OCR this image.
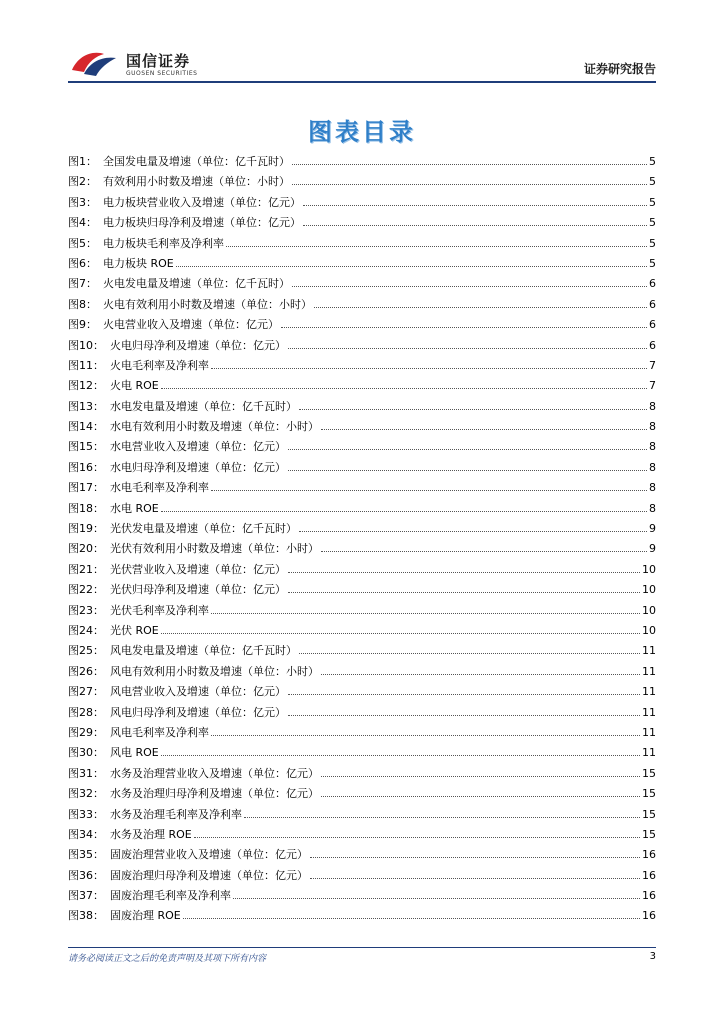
国信证券
GUOSEN SECURITIES	证券研究报告
图表目录
图1： 全国发电量及增速（单位：亿千瓦时）	5
图2： 有效利用小时数及增速（单位：小时）	5
图3： 电力板块营业收入及增速（单位：亿元）	5
图4： 电力板块归母净利及增速（单位：亿元）	5
图5： 电力板块毛利率及净利率	5
图6： 电力板块 ROE	5
图7： 火电发电量及增速（单位：亿千瓦时）	6
图8： 火电有效利用小时数及增速（单位：小时）	6
图9： 火电营业收入及增速（单位：亿元）	6
图10： 火电归母净利及增速（单位：亿元）	6
图11： 火电毛利率及净利率	7
图12： 火电 ROE	7
图13： 水电发电量及增速（单位：亿千瓦时）	8
图14： 水电有效利用小时数及增速（单位：小时）	8
图15： 水电营业收入及增速（单位：亿元）	8
图16： 水电归母净利及增速（单位：亿元）	8
图17： 水电毛利率及净利率	8
图18： 水电 ROE	8
图19： 光伏发电量及增速（单位：亿千瓦时）	9
图20： 光伏有效利用小时数及增速（单位：小时）	9
图21： 光伏营业收入及增速（单位：亿元）	10
图22： 光伏归母净利及增速（单位：亿元）	10
图23： 光伏毛利率及净利率	10
图24： 光伏 ROE	10
图25： 风电发电量及增速（单位：亿千瓦时）	11
图26： 风电有效利用小时数及增速（单位：小时）	11
图27： 风电营业收入及增速（单位：亿元）	11
图28： 风电归母净利及增速（单位：亿元）	11
图29： 风电毛利率及净利率	11
图30： 风电 ROE	11
图31： 水务及治理营业收入及增速（单位：亿元）	15
图32： 水务及治理归母净利及增速（单位：亿元）	15
图33： 水务及治理毛利率及净利率	15
图34： 水务及治理 ROE	15
图35： 固废治理营业收入及增速（单位：亿元）	16
图36： 固废治理归母净利及增速（单位：亿元）	16
图37： 固废治理毛利率及净利率	16
图38： 固废治理 ROE	16
请务必阅读正文之后的免责声明及其项下所有内容	3
